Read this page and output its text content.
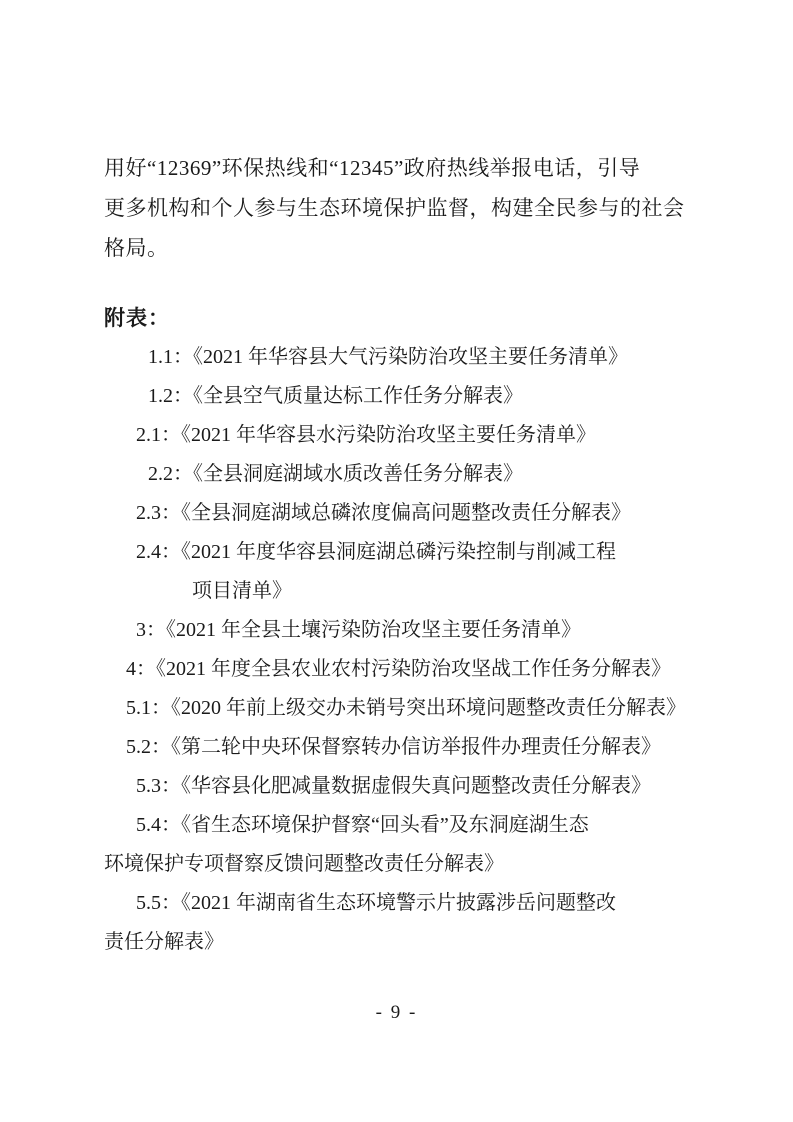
用好“12369”环保热线和“12345”政府热线举报电话，引导
更多机构和个人参与生态环境保护监督，构建全民参与的社会
格局。

附表：
1.1：《2021 年华容县大气污染防治攻坚主要任务清单》
1.2：《全县空气质量达标工作任务分解表》
2.1：《2021 年华容县水污染防治攻坚主要任务清单》
2.2：《全县洞庭湖域水质改善任务分解表》
2.3：《全县洞庭湖域总磷浓度偏高问题整改责任分解表》
2.4：《2021 年度华容县洞庭湖总磷污染控制与削减工程
项目清单》
3：《2021 年全县土壤污染防治攻坚主要任务清单》
4：《2021 年度全县农业农村污染防治攻坚战工作任务分解表》
5.1：《2020 年前上级交办未销号突出环境问题整改责任分解表》
5.2：《第二轮中央环保督察转办信访举报件办理责任分解表》
5.3：《华容县化肥减量数据虚假失真问题整改责任分解表》
5.4：《省生态环境保护督察“回头看”及东洞庭湖生态
环境保护专项督察反馈问题整改责任分解表》
5.5：《2021 年湖南省生态环境警示片披露涉岳问题整改
责任分解表》
- 9 -
